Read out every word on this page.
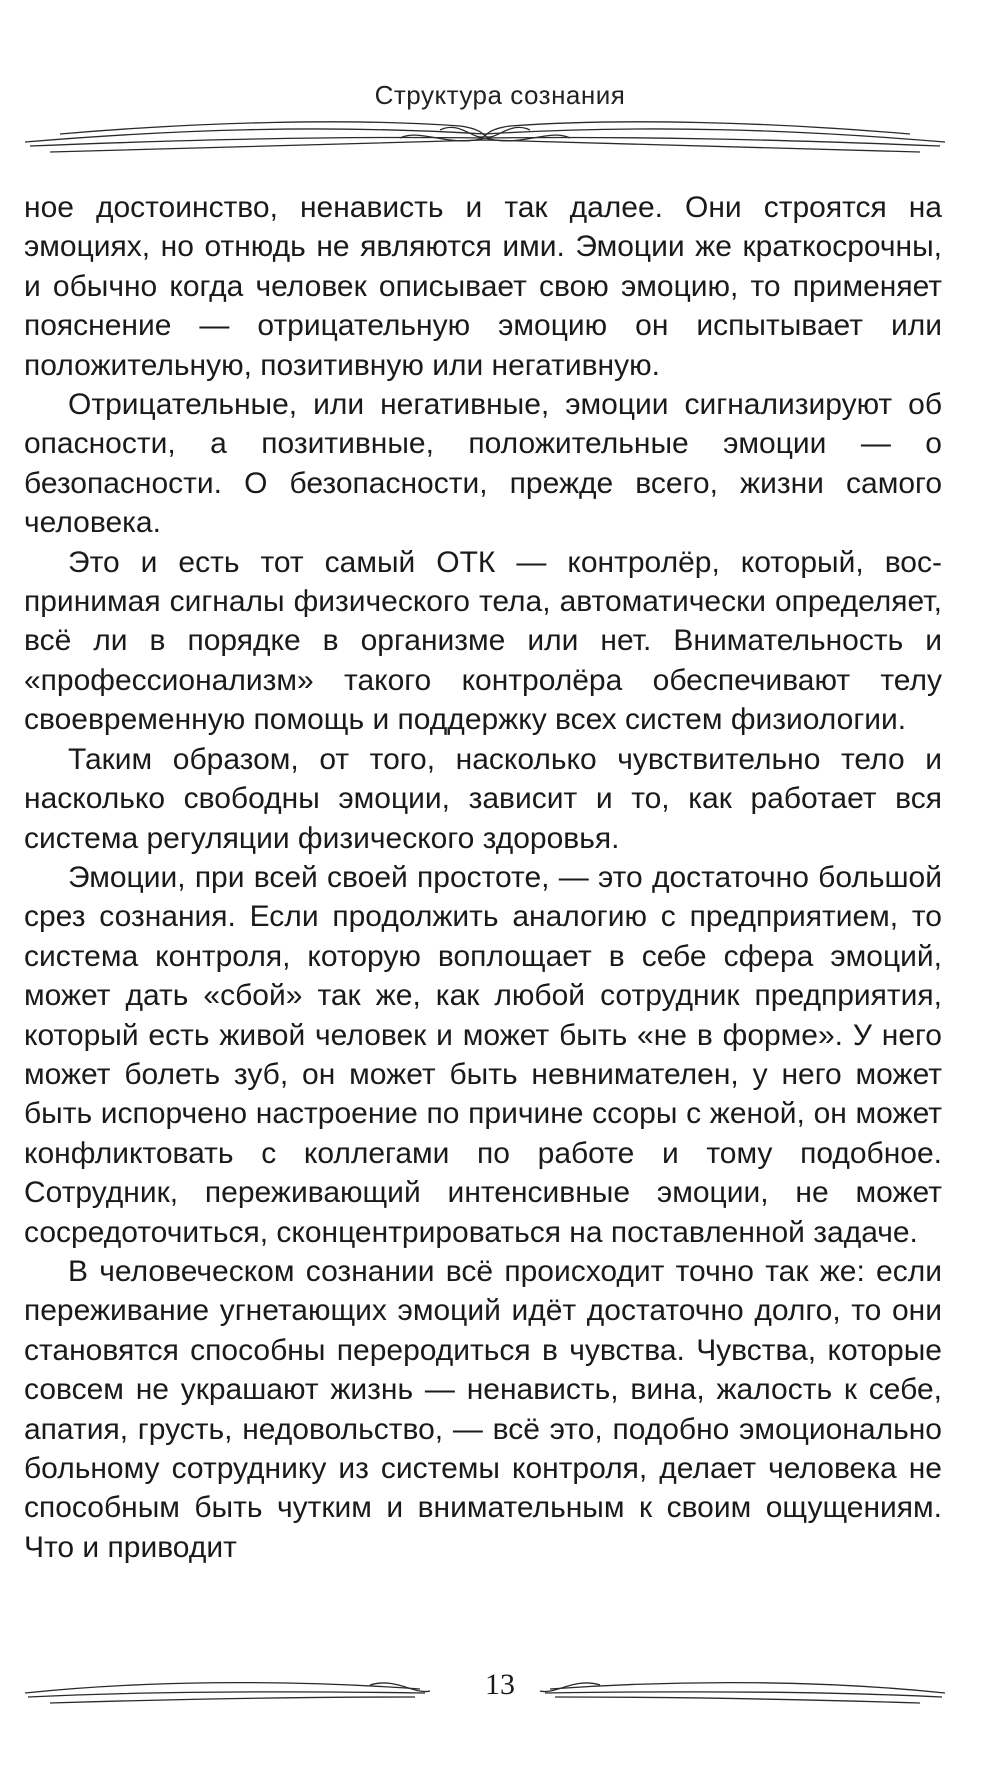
Структура сознания

ное достоинство, ненависть и так далее. Они строятся на эмоциях, но отнюдь не являются ими. Эмоции же краткосрочны, и обычно когда человек описывает свою эмоцию, то применяет пояснение — отрицательную эмоцию он испытывает или положительную, позитивную или негативную.

Отрицательные, или негативные, эмоции сигнализируют об опасности, а позитивные, положительные эмоции — о безопасности. О безопасности, прежде всего, жизни самого человека.

Это и есть тот самый ОТК — контролёр, который, воспринимая сигналы физического тела, автоматически определяет, всё ли в порядке в организме или нет. Внимательность и «профессионализм» такого контролёра обеспечивают телу своевременную помощь и поддержку всех систем физиологии.

Таким образом, от того, насколько чувствительно тело и насколько свободны эмоции, зависит и то, как работает вся система регуляции физического здоровья.

Эмоции, при всей своей простоте, — это достаточно большой срез сознания. Если продолжить аналогию с предприятием, то система контроля, которую воплощает в себе сфера эмоций, может дать «сбой» так же, как любой сотрудник предприятия, который есть живой человек и может быть «не в форме». У него может болеть зуб, он может быть невнимателен, у него может быть испорчено настроение по причине ссоры с женой, он может конфликтовать с коллегами по работе и тому подобное. Сотрудник, переживающий интенсивные эмоции, не может сосредоточиться, сконцентрироваться на поставленной задаче.

В человеческом сознании всё происходит точно так же: если переживание угнетающих эмоций идёт достаточно долго, то они становятся способны переродиться в чувства. Чувства, которые совсем не украшают жизнь — ненависть, вина, жалость к себе, апатия, грусть, недовольство, — всё это, подобно эмоционально больному сотруднику из системы контроля, делает человека не способным быть чутким и внимательным к своим ощущениям. Что и приводит

13
